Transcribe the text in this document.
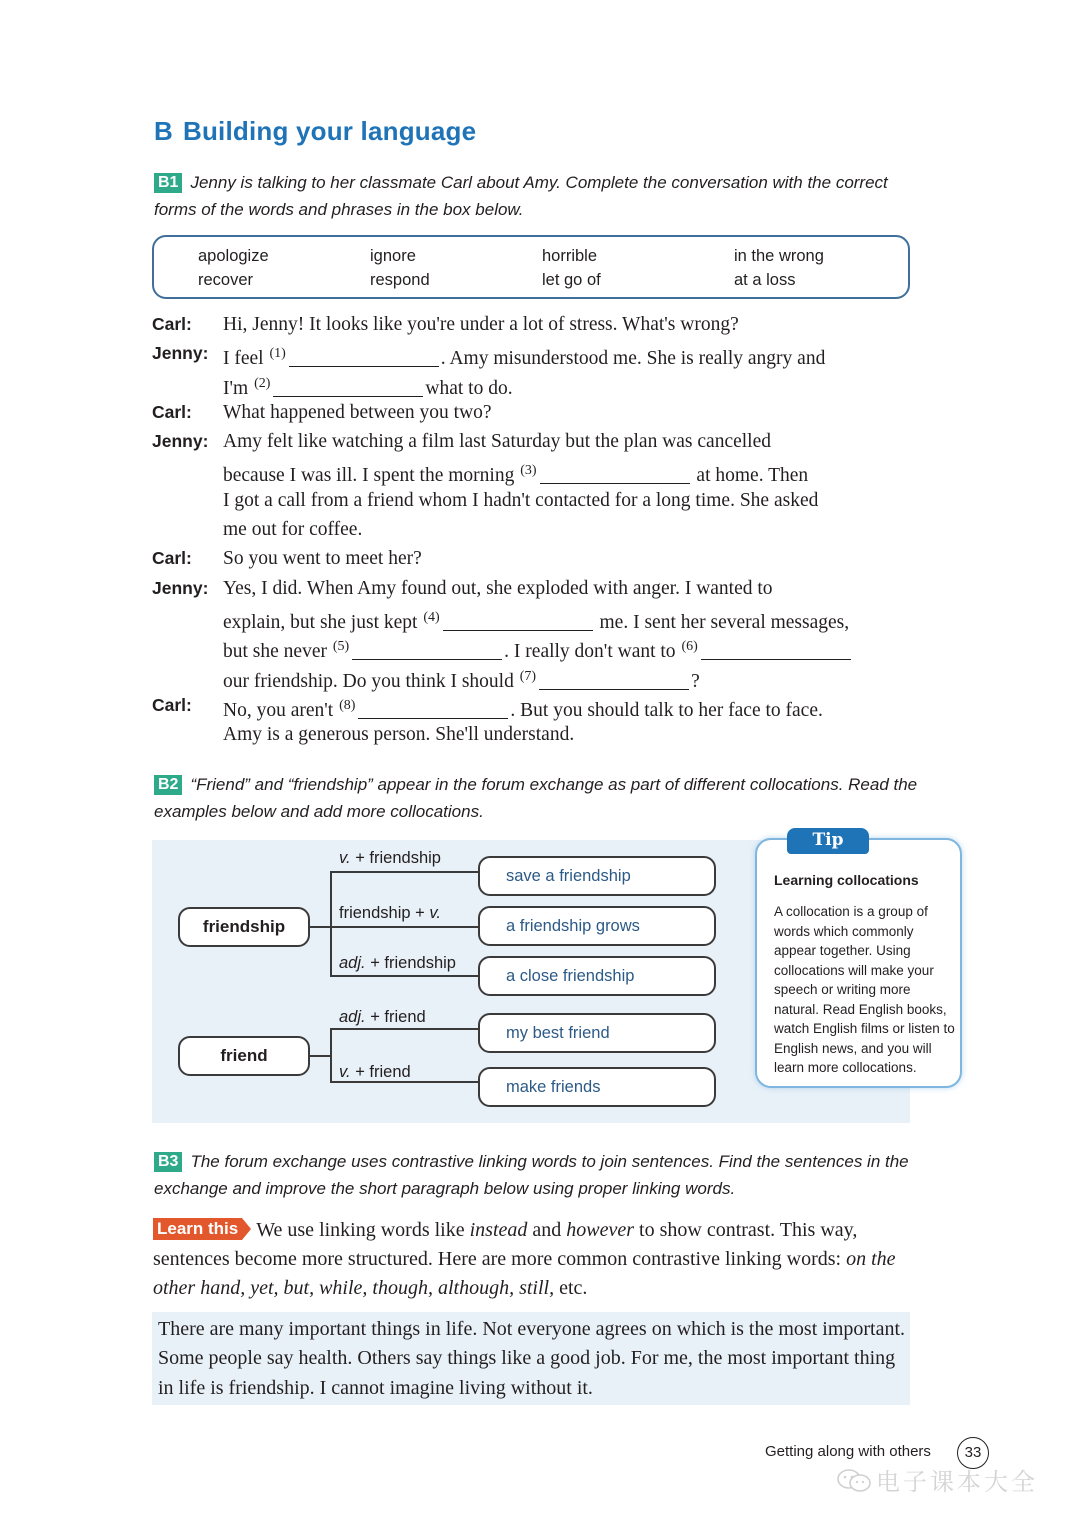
B Building your language
B1 Jenny is talking to her classmate Carl about Amy. Complete the conversation with the correct forms of the words and phrases in the box below.
apologize	ignore	horrible	in the wrong
recover	respond	let go of	at a loss
Carl: Hi, Jenny! It looks like you're under a lot of stress. What's wrong?
Jenny: I feel $^{(1)}$	. Amy misunderstood me. She is really angry and
I'm $^{(2)}$	what to do.
Carl: What happened between you two?
Jenny: Amy felt like watching a film last Saturday but the plan was cancelled
because I was ill. I spent the morning $^{(3)}$	at home. Then
I got a call from a friend whom I hadn't contacted for a long time. She asked
me out for coffee.
Carl: So you went to meet her?
Jenny: Yes, I did. When Amy found out, she exploded with anger. I wanted to
explain, but she just kept $^{(4)}$	me. I sent her several messages,
but she never $^{(5)}$	. I really don't want to $^{(6)}$
our friendship. Do you think I should $^{(7)}$	?
Carl: No, you aren't $^{(8)}$	. But you should talk to her face to face.
Amy is a generous person. She'll understand.
B2 “Friend” and “friendship” appear in the forum exchange as part of different collocations. Read the examples below and add more collocations.
friendship
v. + friendship
friendship + v.
adj. + friendship
save a friendship
a friendship grows
a close friendship
friend
adj. + friend
v. + friend
my best friend
make friends
Tip
Learning collocations
A collocation is a group of words which commonly appear together. Using collocations will make your speech or writing more natural. Read English books, watch English films or listen to English news, and you will learn more collocations.
B3 The forum exchange uses contrastive linking words to join sentences. Find the sentences in the exchange and improve the short paragraph below using proper linking words.
Learn this We use linking words like instead and however to show contrast. This way, sentences become more structured. Here are more common contrastive linking words: on the other hand, yet, but, while, though, although, still, etc.
There are many important things in life. Not everyone agrees on which is the most important. Some people say health. Others say things like a good job. For me, the most important thing in life is friendship. I cannot imagine living without it.
Getting along with others	33
电子课本大全
